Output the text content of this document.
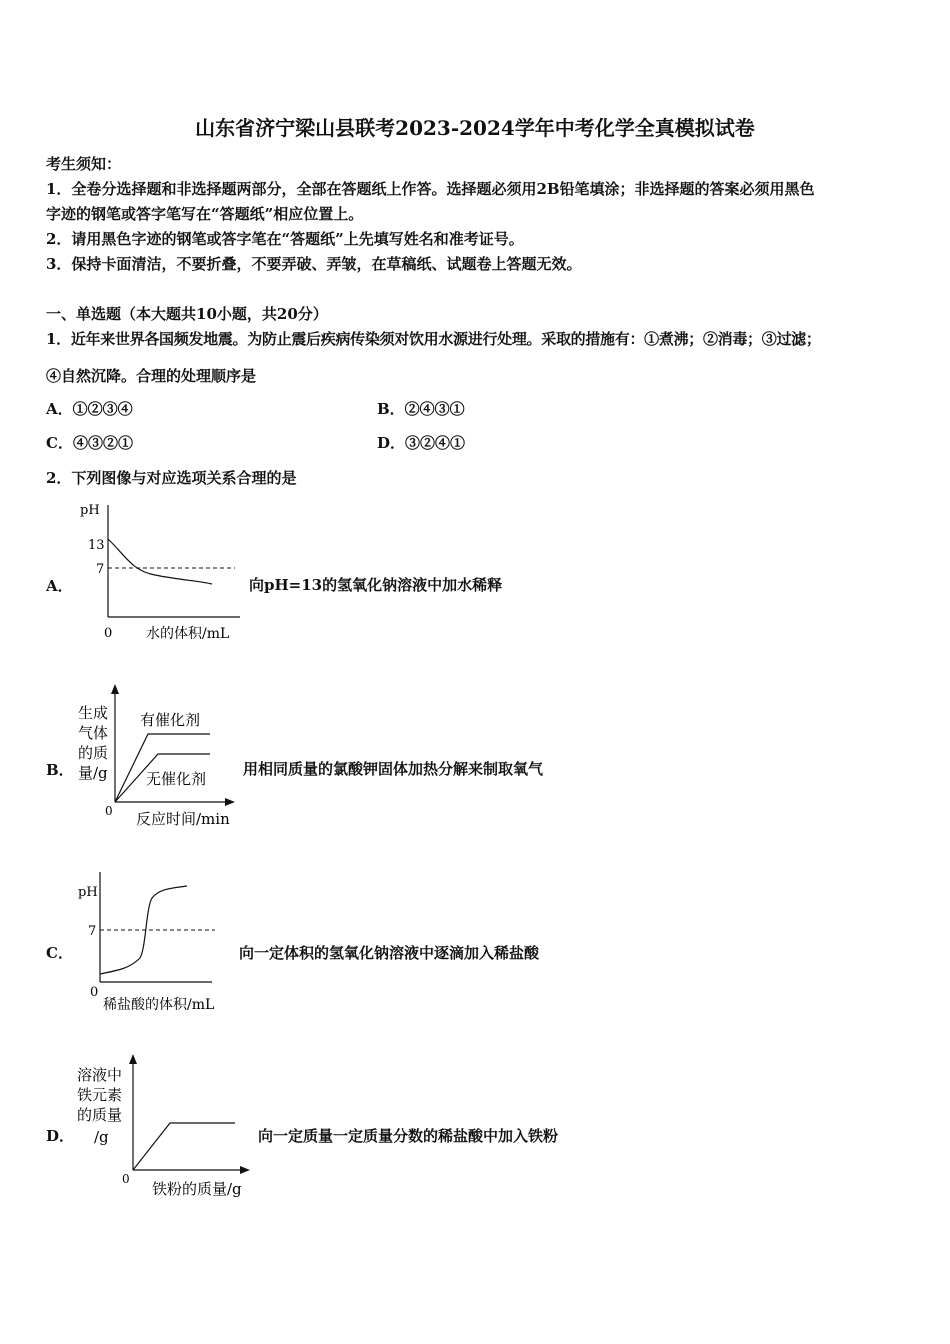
山东省济宁梁山县联考2023-2024学年中考化学全真模拟试卷
考生须知：
1．全卷分选择题和非选择题两部分，全部在答题纸上作答。选择题必须用2B铅笔填涂；非选择题的答案必须用黑色
字迹的钢笔或答字笔写在“答题纸”相应位置上。
2．请用黑色字迹的钢笔或答字笔在“答题纸”上先填写姓名和准考证号。
3．保持卡面清洁，不要折叠，不要弄破、弄皱，在草稿纸、试题卷上答题无效。
一、单选题（本大题共10小题，共20分）
1．近年来世界各国频发地震。为防止震后疾病传染须对饮用水源进行处理。采取的措施有：①煮沸；②消毒；③过滤；
④自然沉降。合理的处理顺序是
A．①②③④	B．②④③①
C．④③②①	D．③②④①
2．下列图像与对应选项关系合理的是
A．
pH
13
7
0 水的体积/mL
向pH=13的氢氧化钠溶液中加水稀释
B．
生成
气体
的质
量/g
有催化剂
无催化剂
0 反应时间/min
用相同质量的氯酸钾固体加热分解来制取氧气
C．
pH
7
0
稀盐酸的体积/mL
向一定体积的氢氧化钠溶液中逐滴加入稀盐酸
D．
溶液中
铁元素
的质量
/g
0
铁粉的质量/g
向一定质量一定质量分数的稀盐酸中加入铁粉
